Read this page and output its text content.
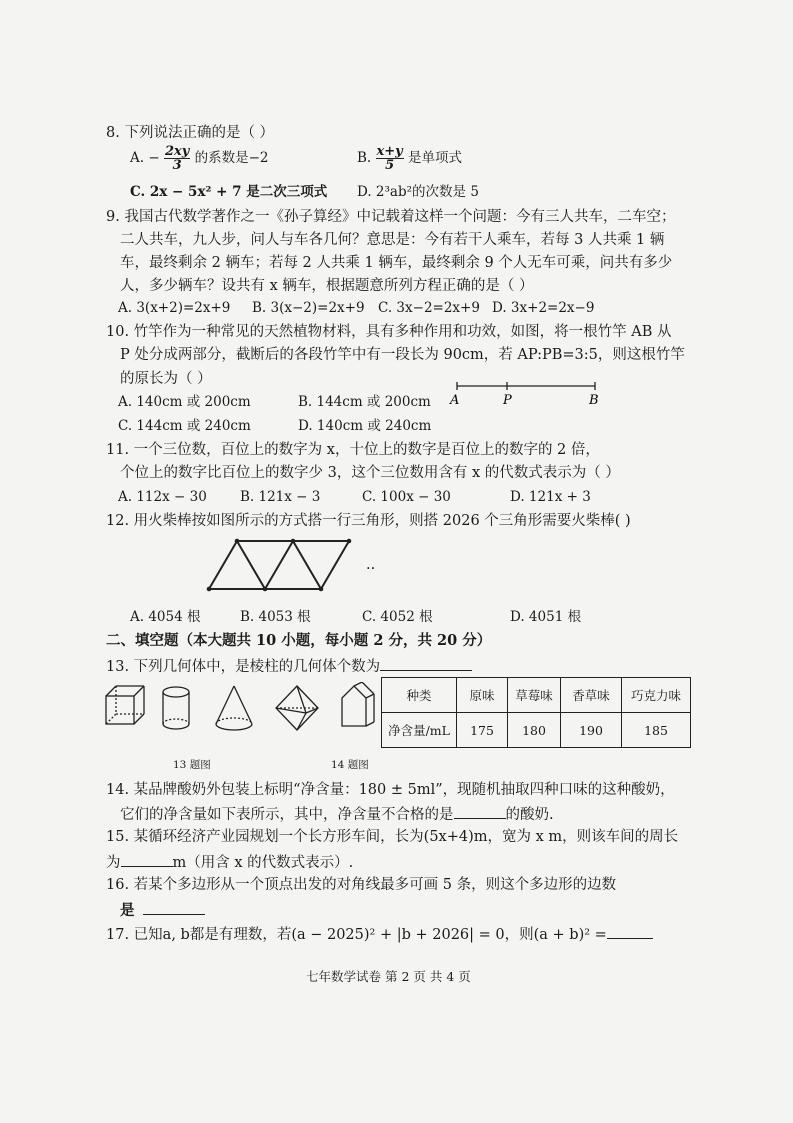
8. 下列说法正确的是（ ）
A. − $\frac{2xy}{3}$ 的系数是−2	B. $\frac{x+y}{5}$ 是单项式
C. 2x − 5x² + 7 是二次三项式 D. 2³ab²的次数是 5
9. 我国古代数学著作之一《孙子算经》中记载着这样一个问题：今有三人共车，二车空；
二人共车，九人步，问人与车各几何？意思是：今有若干人乘车，若每 3 人共乘 1 辆
车，最终剩余 2 辆车；若每 2 人共乘 1 辆车，最终剩余 9 个人无车可乘，问共有多少
人，多少辆车？设共有 x 辆车，根据题意所列方程正确的是（ ）
A. 3(x+2)=2x+9 B. 3(x−2)=2x+9 C. 3x−2=2x+9 D. 3x+2=2x−9
10. 竹竿作为一种常见的天然植物材料，具有多种作用和功效，如图，将一根竹竿 AB 从
P 处分成两部分，截断后的各段竹竿中有一段长为 90cm，若 AP:PB=3:5，则这根竹竿
的原长为（ ）
A. 140cm 或 200cm	B. 144cm 或 200cm
C. 144cm 或 240cm	D. 140cm 或 240cm
A	P	B
11. 一个三位数，百位上的数字为 x，十位上的数字是百位上的数字的 2 倍，
个位上的数字比百位上的数字少 3，这个三位数用含有 x 的代数式表示为（ ）
A. 112x − 30 B. 121x − 3	C. 100x − 30	D. 121x + 3
12. 用火柴棒按如图所示的方式搭一行三角形，则搭 2026 个三角形需要火柴棒( )
··
A. 4054 根	B. 4053 根	C. 4052 根	D. 4051 根
二、填空题（本大题共 10 小题，每小题 2 分，共 20 分）
13. 下列几何体中，是棱柱的几何体个数为
13 题图	14 题图
种类	原味	草莓味	香草味	巧克力味
净含量/mL	175	180	190	185
14. 某品牌酸奶外包装上标明“净含量：180 ± 5ml”，现随机抽取四种口味的这种酸奶，
它们的净含量如下表所示，其中，净含量不合格的是	的酸奶.
15. 某循环经济产业园规划一个长方形车间，长为(5x+4)m，宽为 x m，则该车间的周长
为	m（用含 x 的代数式表示）.
16. 若某个多边形从一个顶点出发的对角线最多可画 5 条，则这个多边形的边数
是
17. 已知a, b都是有理数，若(a − 2025)² + |b + 2026| = 0，则(a + b)² =
七年数学试卷 第 2 页 共 4 页
